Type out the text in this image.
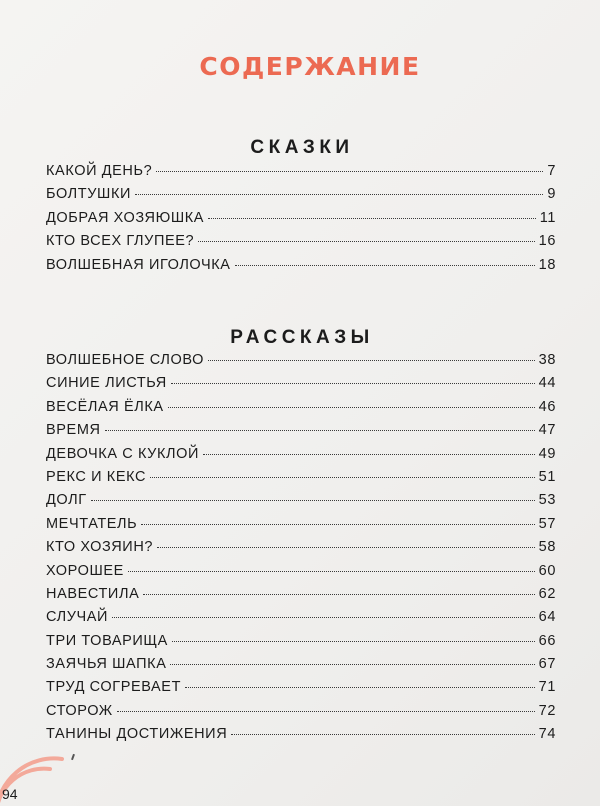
СОДЕРЖАНИЕ
СКАЗКИ
КАКОЙ ДЕНЬ?	7
БОЛТУШКИ	9
ДОБРАЯ ХОЗЯЮШКА	11
КТО ВСЕХ ГЛУПЕЕ?	16
ВОЛШЕБНАЯ ИГОЛОЧКА	18
РАССКАЗЫ
ВОЛШЕБНОЕ СЛОВО	38
СИНИЕ ЛИСТЬЯ	44
ВЕСЁЛАЯ ЁЛКА	46
ВРЕМЯ	47
ДЕВОЧКА С КУКЛОЙ	49
РЕКС И КЕКС	51
ДОЛГ	53
МЕЧТАТЕЛЬ	57
КТО ХОЗЯИН?	58
ХОРОШЕЕ	60
НАВЕСТИЛА	62
СЛУЧАЙ	64
ТРИ ТОВАРИЩА	66
ЗАЯЧЬЯ ШАПКА	67
ТРУД СОГРЕВАЕТ	71
СТОРОЖ	72
ТАНИНЫ ДОСТИЖЕНИЯ	74

94
